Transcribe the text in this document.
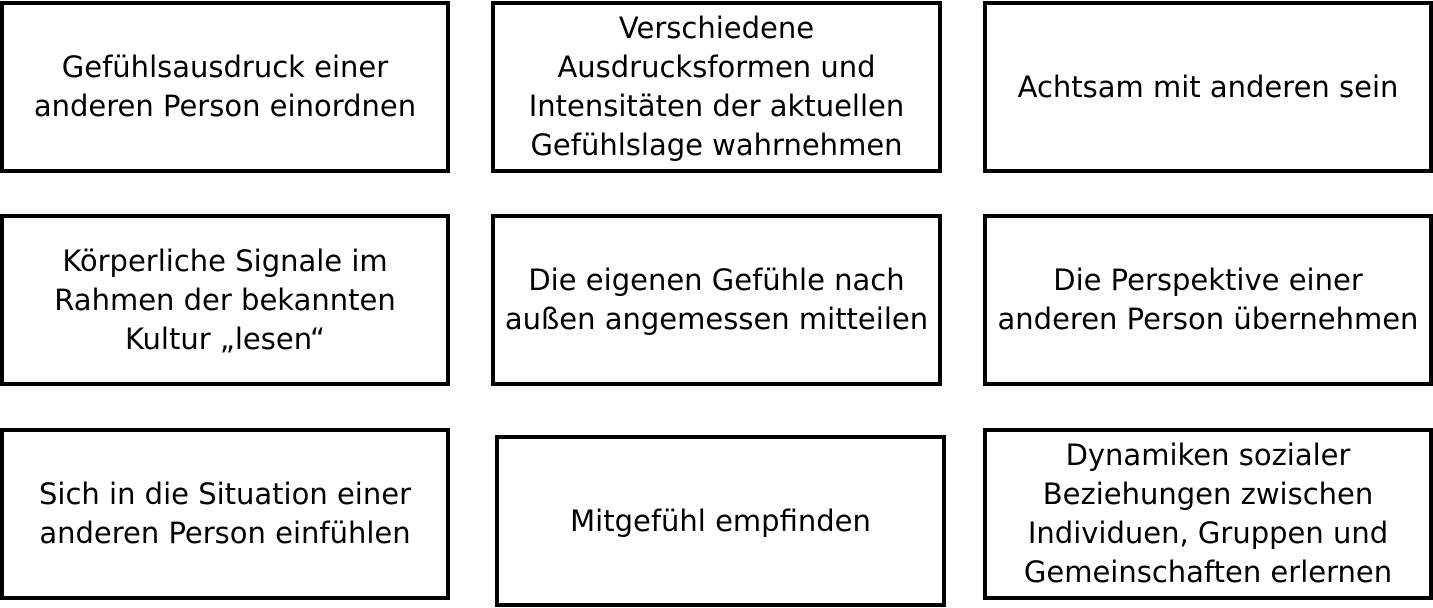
Gefühlsausdruck einer
anderen Person einordnen
Verschiedene
Ausdrucksformen und
Intensitäten der aktuellen
Gefühlslage wahrnehmen
Achtsam mit anderen sein
Körperliche Signale im
Rahmen der bekannten
Kultur „lesen“
Die eigenen Gefühle nach
außen angemessen mitteilen
Die Perspektive einer
anderen Person übernehmen
Sich in die Situation einer
anderen Person einfühlen	Mitgefühl empfinden
Dynamiken sozialer
Beziehungen zwischen
Individuen, Gruppen und
Gemeinschaften erlernen
